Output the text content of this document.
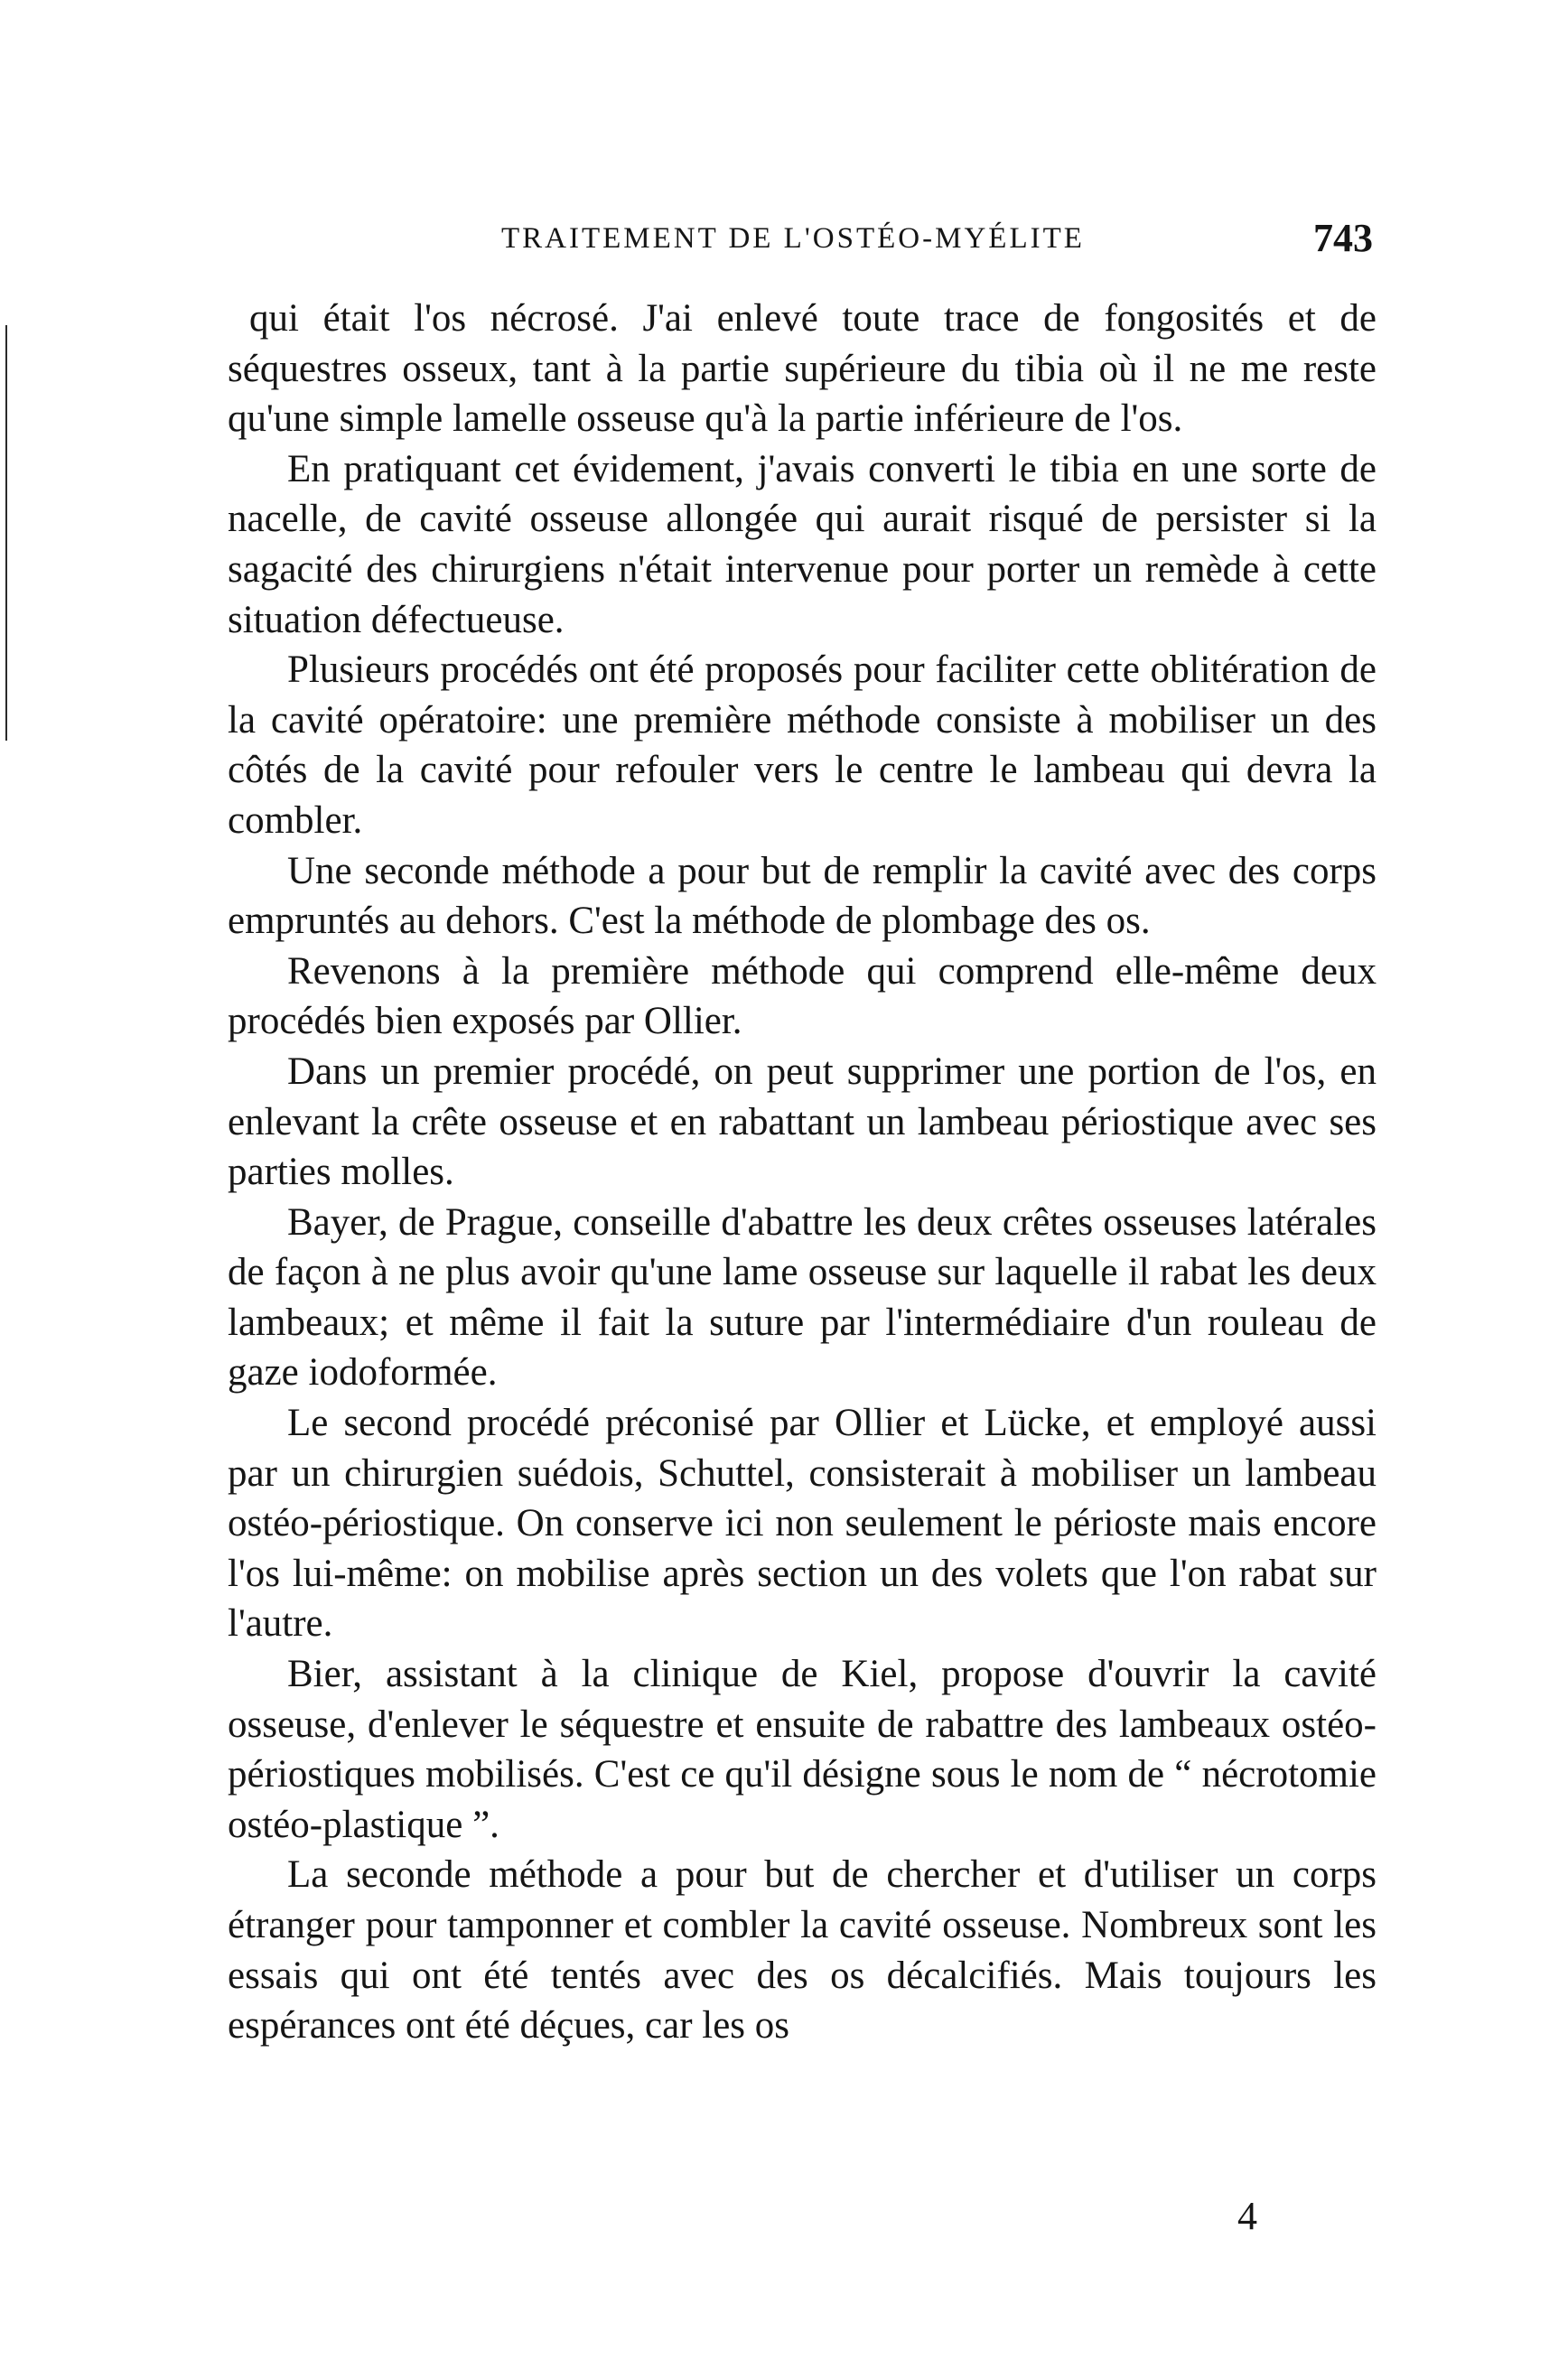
TRAITEMENT DE L'OSTÉO-MYÉLITE	743

qui était l'os nécrosé. J'ai enlevé toute trace de fongosités et de séquestres osseux, tant à la partie supérieure du tibia où il ne me reste qu'une simple lamelle osseuse qu'à la partie inférieure de l'os.

En pratiquant cet évidement, j'avais converti le tibia en une sorte de nacelle, de cavité osseuse allongée qui aurait risqué de persister si la sagacité des chirurgiens n'était intervenue pour porter un remède à cette situation défectueuse.

Plusieurs procédés ont été proposés pour faciliter cette oblitération de la cavité opératoire: une première méthode consiste à mobiliser un des côtés de la cavité pour refouler vers le centre le lambeau qui devra la combler.

Une seconde méthode a pour but de remplir la cavité avec des corps empruntés au dehors. C'est la méthode de plombage des os.

Revenons à la première méthode qui comprend elle-même deux procédés bien exposés par Ollier.

Dans un premier procédé, on peut supprimer une portion de l'os, en enlevant la crête osseuse et en rabattant un lambeau périostique avec ses parties molles.

Bayer, de Prague, conseille d'abattre les deux crêtes osseuses latérales de façon à ne plus avoir qu'une lame osseuse sur laquelle il rabat les deux lambeaux; et même il fait la suture par l'intermédiaire d'un rouleau de gaze iodoformée.

Le second procédé préconisé par Ollier et Lücke, et employé aussi par un chirurgien suédois, Schuttel, consisterait à mobiliser un lambeau ostéo-périostique. On conserve ici non seulement le périoste mais encore l'os lui-même: on mobilise après section un des volets que l'on rabat sur l'autre.

Bier, assistant à la clinique de Kiel, propose d'ouvrir la cavité osseuse, d'enlever le séquestre et ensuite de rabattre des lambeaux ostéo-périostiques mobilisés. C'est ce qu'il désigne sous le nom de “ nécrotomie ostéo-plastique ”.

La seconde méthode a pour but de chercher et d'utiliser un corps étranger pour tamponner et combler la cavité osseuse. Nombreux sont les essais qui ont été tentés avec des os décalcifiés. Mais toujours les espérances ont été déçues, car les os

4
